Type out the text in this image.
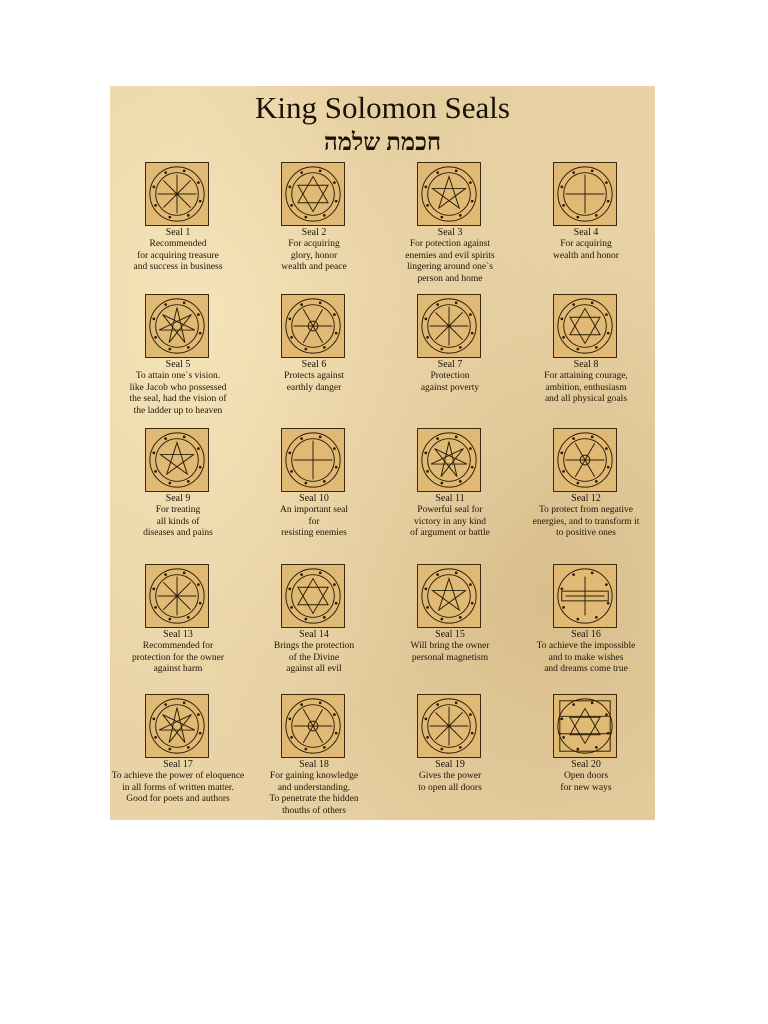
King Solomon Seals
חכמת שלמה
Seal 1
Recommended
for acquiring treasure
and success in business
Seal 2
For acquiring
glory, honor
wealth and peace
Seal 3
For potection against
enemies and evil spirits
lingering around one`s
person and home
Seal 4
For acquiring
wealth and honor
Seal 5
To attain one`s vision.
like Jacob who possessed
the seal, had the vision of
the ladder up to heaven
Seal 6
Protects against
earthly danger
Seal 7
Protection
against poverty
Seal 8
For attaining courage,
ambition, enthusiasm
and all physical goals
Seal 9
For treating
all kinds of
diseases and pains
Seal 10
An important seal
for
resisting enemies
Seal 11
Powerful seal for
victory in any kind
of argument or battle
Seal 12
To protect from negative
energies, and to transform it
to positive ones
Seal 13
Recommended for
protection for the owner
against harm
Seal 14
Brings the protection
of the Divine
against all evil
Seal 15
Will bring the owner
personal magnetism
Seal 16
To achieve the impossible
and to make wishes
and dreams come true
Seal 17
To achieve the power of eloquence
in all forms of written matter.
Good for poets and authors
Seal 18
For gaining knowledge
and understanding.
To penetrate the hidden
thouths of others
Seal 19
Gives the power
to open all doors
Seal 20
Open doors
for new ways
